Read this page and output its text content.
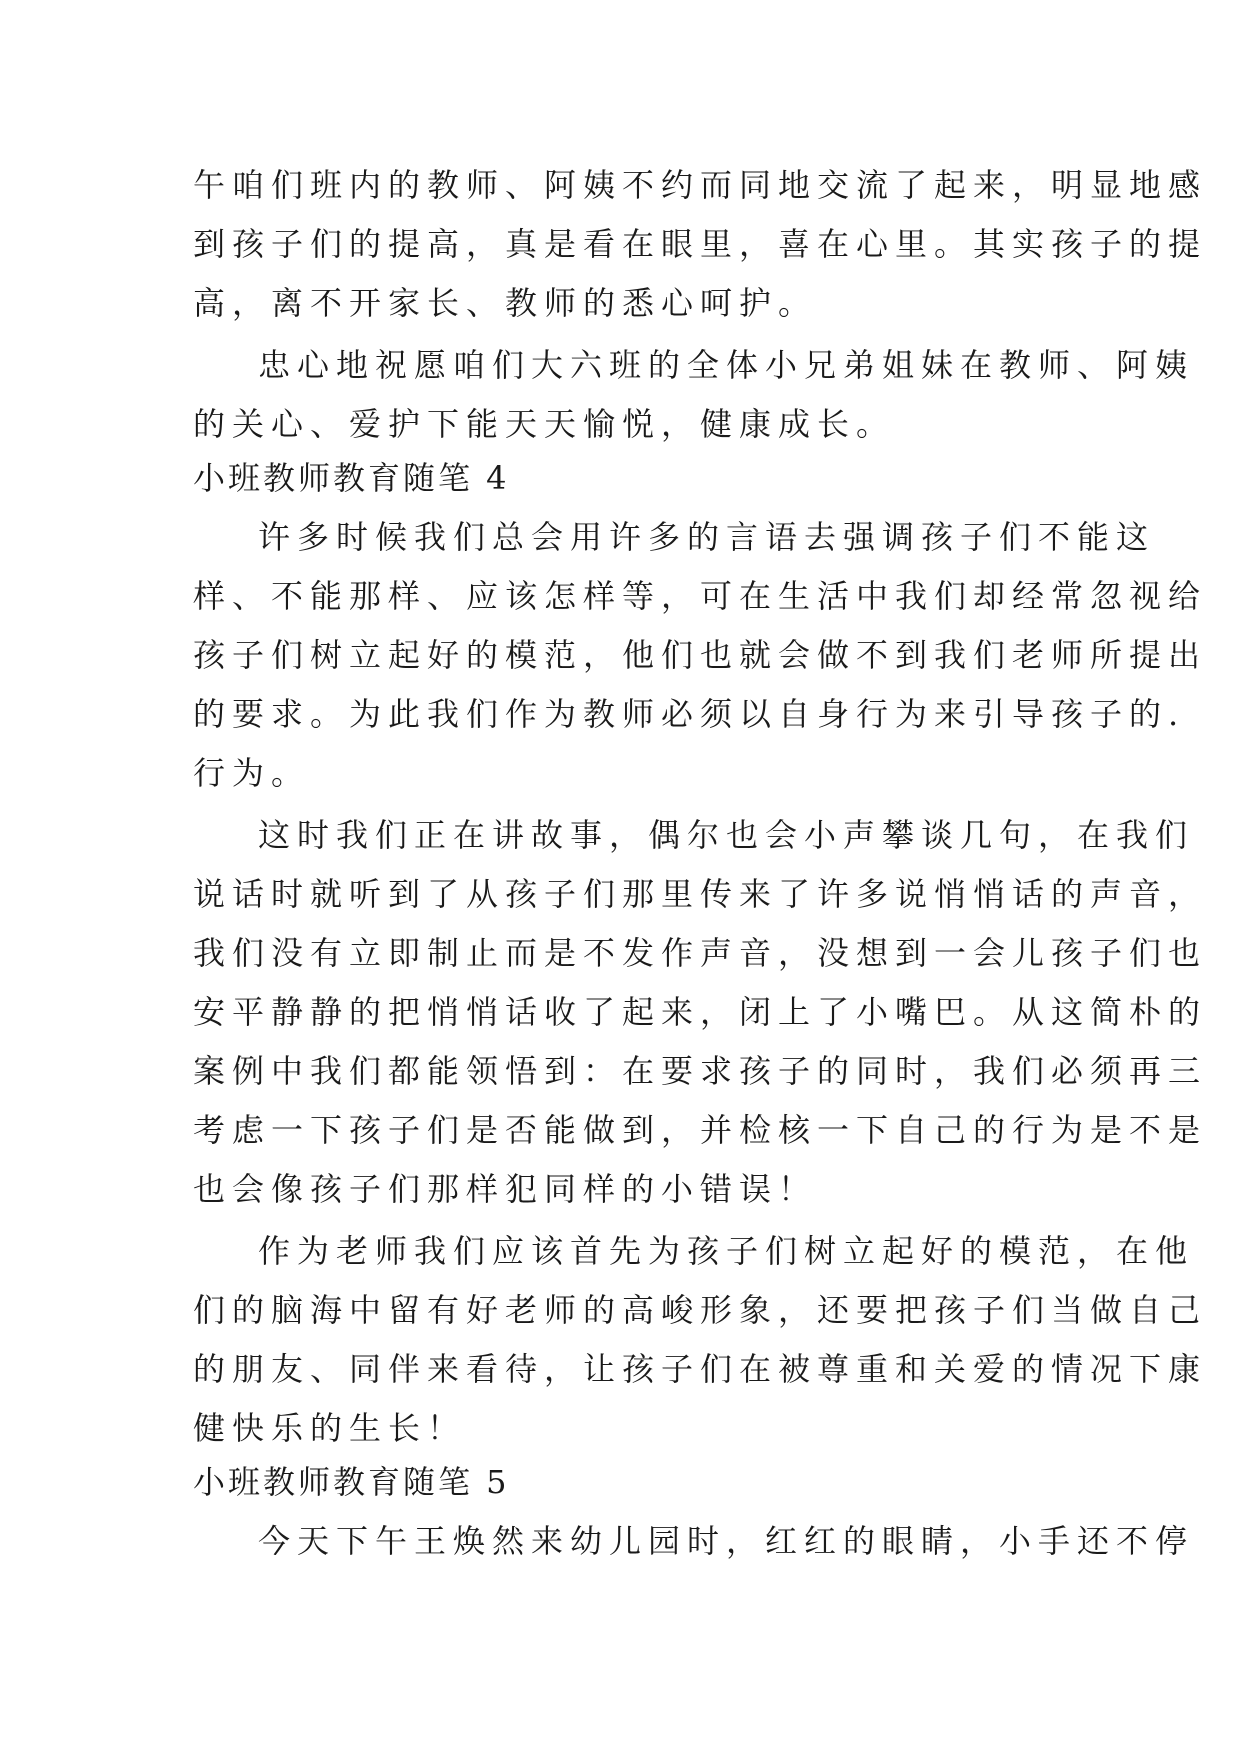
午咱们班内的教师、阿姨不约而同地交流了起来，明显地感
到孩子们的提高，真是看在眼里，喜在心里。其实孩子的提
高，离不开家长、教师的悉心呵护。
忠心地祝愿咱们大六班的全体小兄弟姐妹在教师、阿姨
的关心、爱护下能天天愉悦，健康成长。
小班教师教育随笔 4
许多时候我们总会用许多的言语去强调孩子们不能这
样、不能那样、应该怎样等，可在生活中我们却经常忽视给
孩子们树立起好的模范，他们也就会做不到我们老师所提出
的要求。为此我们作为教师必须以自身行为来引导孩子的.
行为。
这时我们正在讲故事，偶尔也会小声攀谈几句，在我们
说话时就听到了从孩子们那里传来了许多说悄悄话的声音，
我们没有立即制止而是不发作声音，没想到一会儿孩子们也
安平静静的把悄悄话收了起来，闭上了小嘴巴。从这简朴的
案例中我们都能领悟到：在要求孩子的同时，我们必须再三
考虑一下孩子们是否能做到，并检核一下自己的行为是不是
也会像孩子们那样犯同样的小错误！
作为老师我们应该首先为孩子们树立起好的模范，在他
们的脑海中留有好老师的高峻形象，还要把孩子们当做自己
的朋友、同伴来看待，让孩子们在被尊重和关爱的情况下康
健快乐的生长！
小班教师教育随笔 5
今天下午王焕然来幼儿园时，红红的眼睛，小手还不停
